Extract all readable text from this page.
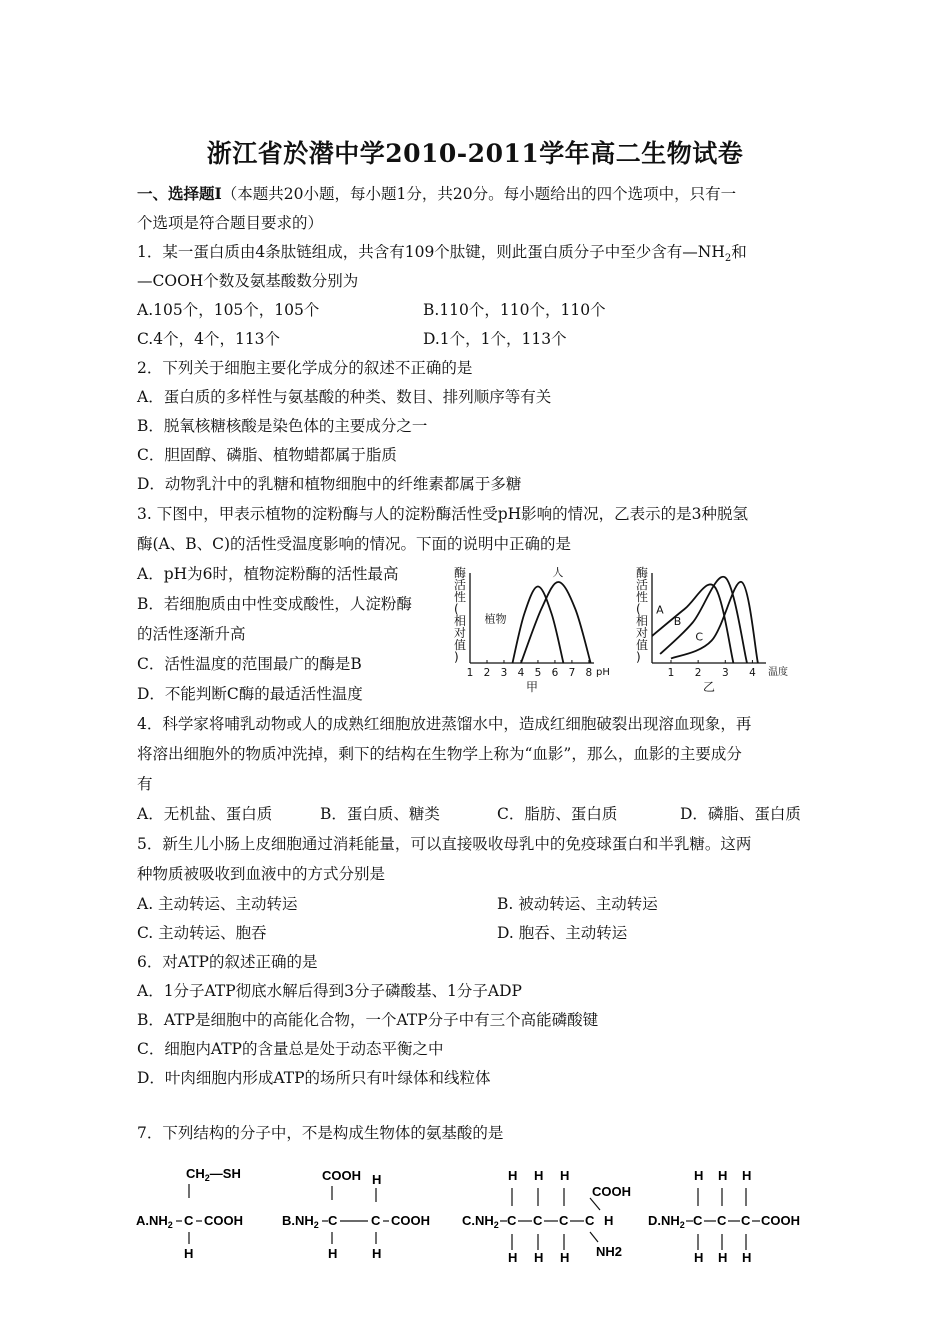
浙江省於潜中学2010-2011学年高二生物试卷
一、选择题Ⅰ（本题共20小题，每小题1分，共20分。每小题给出的四个选项中，只有一
个选项是符合题目要求的）
1．某一蛋白质由4条肽链组成，共含有109个肽键，则此蛋白质分子中至少含有$—NH_2$和
—COOH个数及氨基酸数分别为
A.105个，105个，105个	B.110个，110个，110个
C.4个，4个，113个	D.1个，1个，113个
2．下列关于细胞主要化学成分的叙述不正确的是
A．蛋白质的多样性与氨基酸的种类、数目、排列顺序等有关
B．脱氧核糖核酸是染色体的主要成分之一
C．胆固醇、磷脂、植物蜡都属于脂质
D．动物乳汁中的乳糖和植物细胞中的纤维素都属于多糖
3. 下图中，甲表示植物的淀粉酶与人的淀粉酶活性受pH影响的情况，乙表示的是3种脱氢
酶(A、B、C)的活性受温度影响的情况。下面的说明中正确的是
A．pH为6时，植物淀粉酶的活性最高
B．若细胞质由中性变成酸性，人淀粉酶
的活性逐渐升高
C．活性温度的范围最广的酶是B
D．不能判断C酶的最适活性温度
酶活性(相对值)
1 2 3 4 5 6 7 8 pH
甲
植物
人	酶活性(相对值)
1 2 3 4 温度
乙
A
B
C
4．科学家将哺乳动物或人的成熟红细胞放进蒸馏水中，造成红细胞破裂出现溶血现象，再
将溶出细胞外的物质冲洗掉，剩下的结构在生物学上称为“血影”，那么，血影的主要成分
有
A．无机盐、蛋白质	B．蛋白质、糖类	C．脂肪、蛋白质	D．磷脂、蛋白质
5．新生儿小肠上皮细胞通过消耗能量，可以直接吸收母乳中的免疫球蛋白和半乳糖。这两
种物质被吸收到血液中的方式分别是
A. 主动转运、主动转运	B. 被动转运、主动转运
C. 主动转运、胞吞	D. 胞吞、主动转运
6．对ATP的叙述正确的是
A．1分子ATP彻底水解后得到3分子磷酸基、1分子ADP
B．ATP是细胞中的高能化合物，一个ATP分子中有三个高能磷酸键
C．细胞内ATP的含量总是处于动态平衡之中
D．叶肉细胞内形成ATP的场所只有叶绿体和线粒体
7．下列结构的分子中，不是构成生物体的氨基酸的是
$CH_2—SH$
$A.NH_2$ C COOH
H
COOH H
$B.NH_2$ C	C COOH
H	H
H H H
COOH
$C.NH_2$ C C C C H
H H H NH2
H H H
$D.NH_2$ C C C COOH
H H H
